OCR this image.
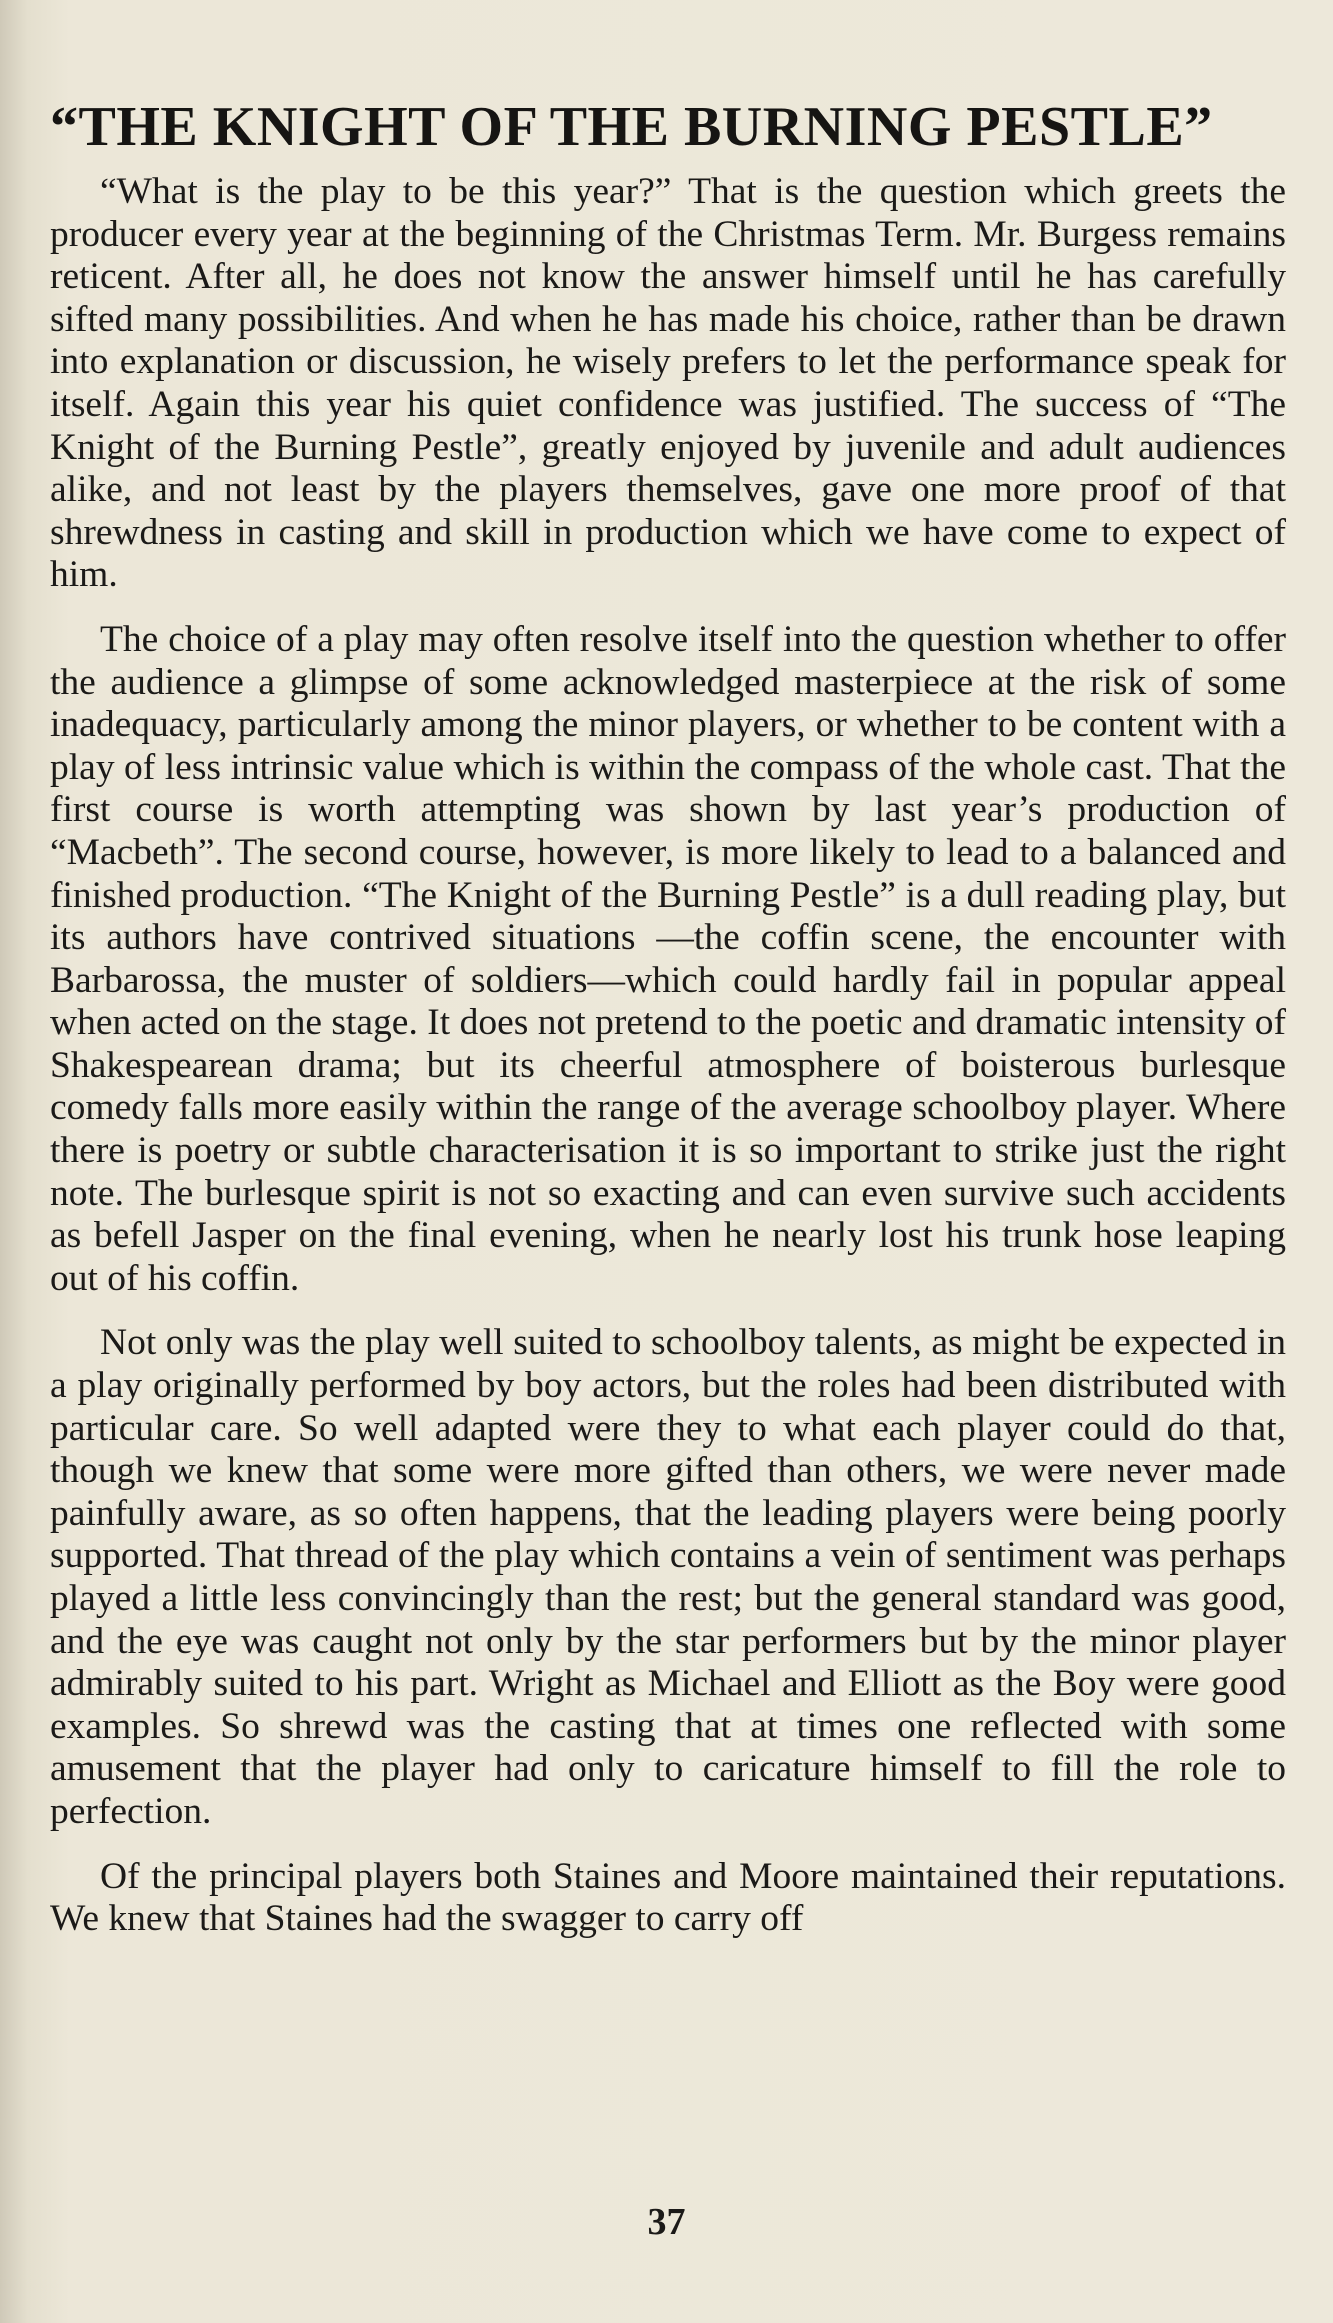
“THE KNIGHT OF THE BURNING PESTLE”

“What is the play to be this year?” That is the question which greets the producer every year at the beginning of the Christmas Term. Mr. Burgess remains reticent. After all, he does not know the answer himself until he has carefully sifted many possibilities. And when he has made his choice, rather than be drawn into explanation or discussion, he wisely prefers to let the performance speak for itself. Again this year his quiet confidence was justified. The success of “The Knight of the Burning Pestle”, greatly enjoyed by juvenile and adult audiences alike, and not least by the players themselves, gave one more proof of that shrewdness in casting and skill in production which we have come to expect of him.

The choice of a play may often resolve itself into the question whether to offer the audience a glimpse of some acknowledged masterpiece at the risk of some inadequacy, particularly among the minor players, or whether to be content with a play of less intrinsic value which is within the compass of the whole cast. That the first course is worth attempting was shown by last year’s production of “Macbeth”. The second course, however, is more likely to lead to a balanced and finished production. “The Knight of the Burning Pestle” is a dull reading play, but its authors have contrived situations —the coffin scene, the encounter with Barbarossa, the muster of soldiers—which could hardly fail in popular appeal when acted on the stage. It does not pretend to the poetic and dramatic intensity of Shakespearean drama; but its cheerful atmosphere of boisterous burlesque comedy falls more easily within the range of the average schoolboy player. Where there is poetry or subtle characterisation it is so important to strike just the right note. The burlesque spirit is not so exacting and can even survive such accidents as befell Jasper on the final evening, when he nearly lost his trunk hose leaping out of his coffin.

Not only was the play well suited to schoolboy talents, as might be expected in a play originally performed by boy actors, but the roles had been distributed with particular care. So well adapted were they to what each player could do that, though we knew that some were more gifted than others, we were never made painfully aware, as so often happens, that the leading players were being poorly supported. That thread of the play which contains a vein of sentiment was perhaps played a little less convincingly than the rest; but the general standard was good, and the eye was caught not only by the star performers but by the minor player admirably suited to his part. Wright as Michael and Elliott as the Boy were good examples. So shrewd was the casting that at times one reflected with some amusement that the player had only to caricature himself to fill the role to perfection.

Of the principal players both Staines and Moore maintained their reputations. We knew that Staines had the swagger to carry off

37
